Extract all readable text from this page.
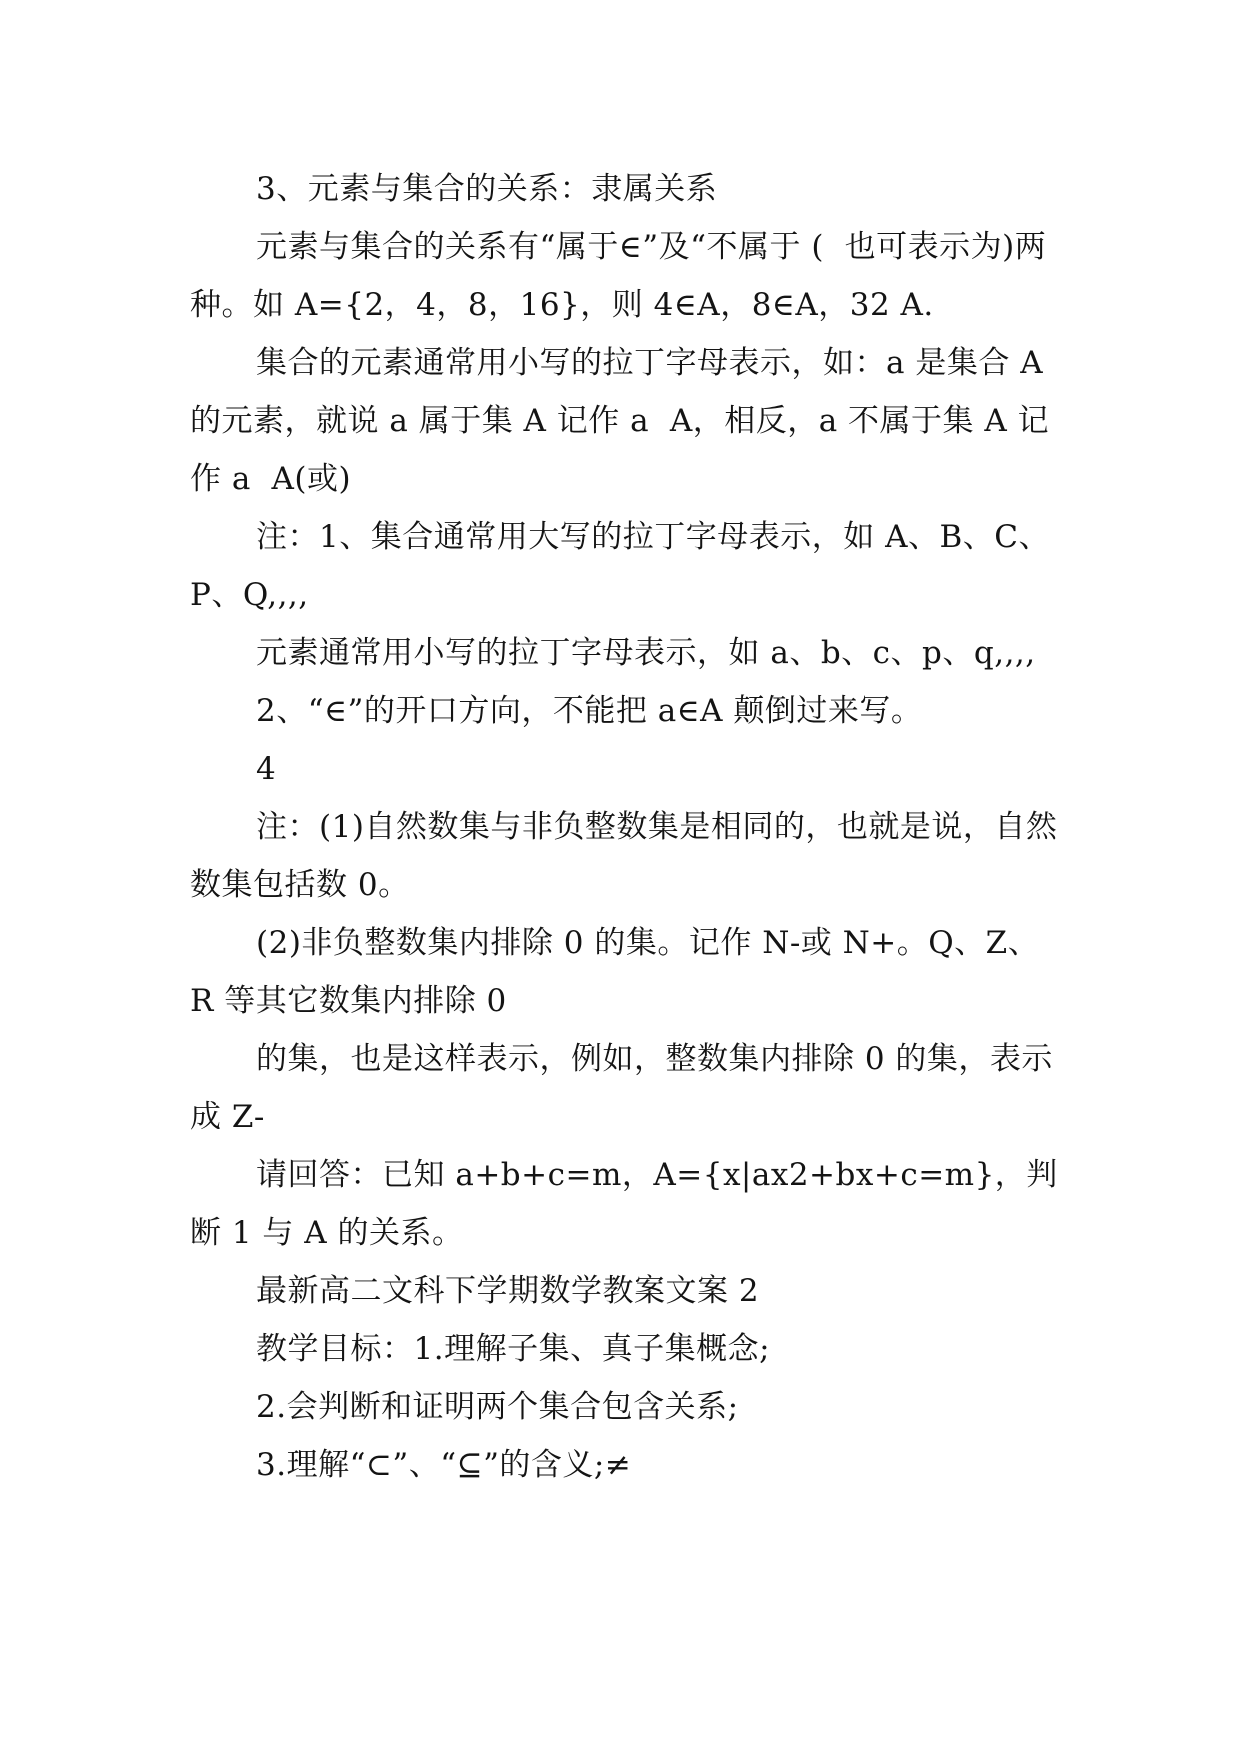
3、元素与集合的关系：隶属关系

元素与集合的关系有“属于∈”及“不属于 (  也可表示为)两种。如 A={2，4，8，16}，则 4∈A，8∈A，32 A.

集合的元素通常用小写的拉丁字母表示，如：a 是集合 A 的元素，就说 a 属于集 A 记作 a  A，相反，a 不属于集 A 记作 a  A(或)

注：1、集合通常用大写的拉丁字母表示，如 A、B、C、P、Q,,,,

元素通常用小写的拉丁字母表示，如 a、b、c、p、q,,,,

2、“∈”的开口方向，不能把 a∈A 颠倒过来写。

4

注：(1)自然数集与非负整数集是相同的，也就是说，自然数集包括数 0。

(2)非负整数集内排除 0 的集。记作 N-或 N+。Q、Z、R 等其它数集内排除 0

的集，也是这样表示，例如，整数集内排除 0 的集，表示成 Z-

请回答：已知 a+b+c=m，A={x|ax2+bx+c=m}，判断 1 与 A 的关系。

最新高二文科下学期数学教案文案 2

教学目标：1.理解子集、真子集概念;

2.会判断和证明两个集合包含关系;

3.理解“⊂”、“⊆”的含义;≠
